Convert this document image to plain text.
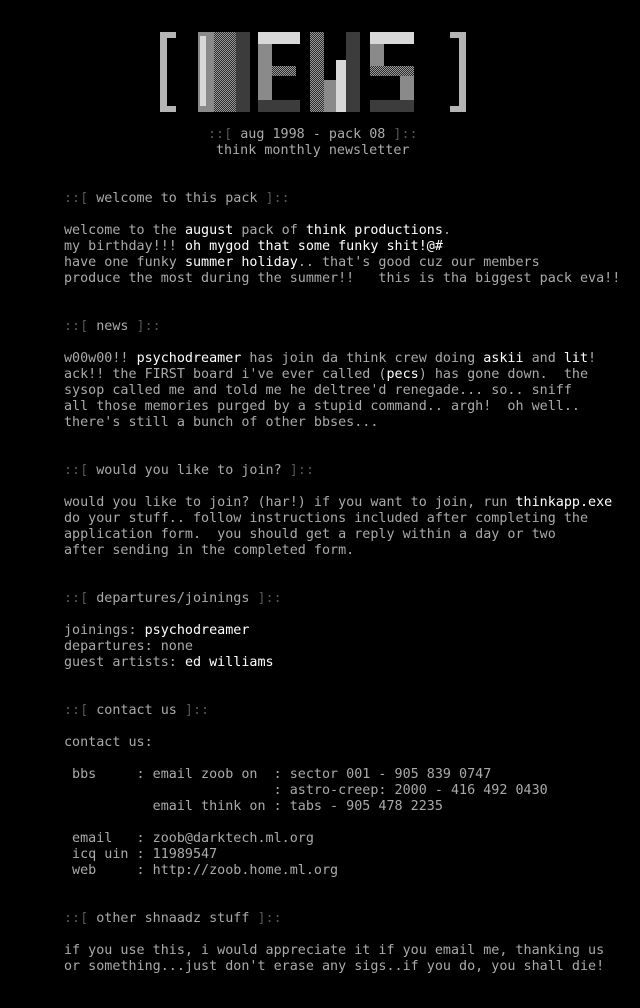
::[ aug 1998 - pack 08 ]::
think monthly newsletter
::[ welcome to this pack ]::
welcome to the august pack of think productions.
my birthday!!! oh mygod that some funky shit!@#
have one funky summer holiday.. that's good cuz our members
produce the most during the summer!!   this is tha biggest pack eva!!
::[ news ]::
w00w00!! psychodreamer has join da think crew doing askii and lit!
ack!! the FIRST board i've ever called (pecs) has gone down.  the
sysop called me and told me he deltree'd renegade... so.. sniff
all those memories purged by a stupid command.. argh!  oh well..
there's still a bunch of other bbses...
::[ would you like to join? ]::
would you like to join? (har!) if you want to join, run thinkapp.exe
do your stuff.. follow instructions included after completing the
application form.  you should get a reply within a day or two
after sending in the completed form.
::[ departures/joinings ]::
joinings: psychodreamer
departures: none
guest artists: ed williams
::[ contact us ]::
contact us:
bbs     : email zoob on  : sector 001 - 905 839 0747
: astro-creep: 2000 - 416 492 0430
email think on : tabs - 905 478 2235
email   : zoob@darktech.ml.org
icq uin : 11989547
web     : http://zoob.home.ml.org
::[ other shnaadz stuff ]::
if you use this, i would appreciate it if you email me, thanking us
or something...just don't erase any sigs..if you do, you shall die!
